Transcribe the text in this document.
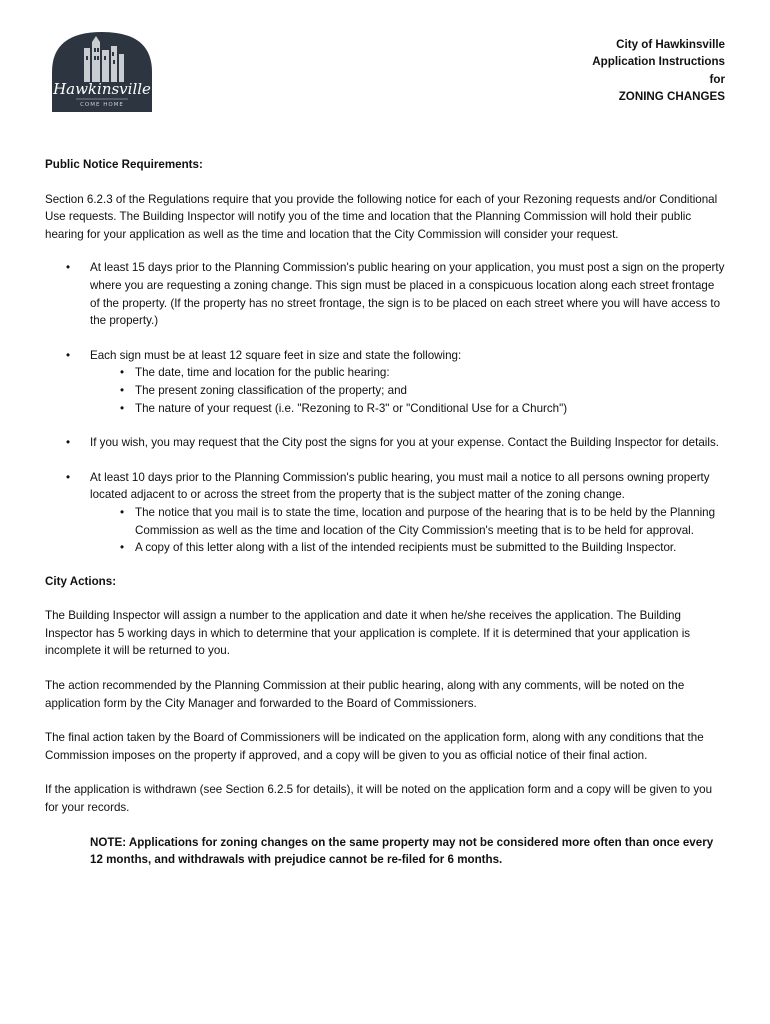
Hawkinsville
COME HOME
City of Hawkinsville
Application Instructions
for
ZONING CHANGES

Public Notice Requirements:

Section 6.2.3 of the Regulations require that you provide the following notice for each of your Rezoning requests and/or Conditional Use requests. The Building Inspector will notify you of the time and location that the Planning Commission will hold their public hearing for your application as well as the time and location that the City Commission will consider your request.

• At least 15 days prior to the Planning Commission's public hearing on your application, you must post a sign on the property where you are requesting a zoning change. This sign must be placed in a conspicuous location along each street frontage of the property. (If the property has no street frontage, the sign is to be placed on each street where you will have access to the property.)
• Each sign must be at least 12 square feet in size and state the following:
• The date, time and location for the public hearing:
• The present zoning classification of the property; and
• The nature of your request (i.e. "Rezoning to R-3" or "Conditional Use for a Church")
• If you wish, you may request that the City post the signs for you at your expense. Contact the Building Inspector for details.
• At least 10 days prior to the Planning Commission's public hearing, you must mail a notice to all persons owning property located adjacent to or across the street from the property that is the subject matter of the zoning change.
• The notice that you mail is to state the time, location and purpose of the hearing that is to be held by the Planning Commission as well as the time and location of the City Commission's meeting that is to be held for approval.
• A copy of this letter along with a list of the intended recipients must be submitted to the Building Inspector.

City Actions:

The Building Inspector will assign a number to the application and date it when he/she receives the application. The Building Inspector has 5 working days in which to determine that your application is complete. If it is determined that your application is incomplete it will be returned to you.

The action recommended by the Planning Commission at their public hearing, along with any comments, will be noted on the application form by the City Manager and forwarded to the Board of Commissioners.

The final action taken by the Board of Commissioners will be indicated on the application form, along with any conditions that the Commission imposes on the property if approved, and a copy will be given to you as official notice of their final action.

If the application is withdrawn (see Section 6.2.5 for details), it will be noted on the application form and a copy will be given to you for your records.

NOTE: Applications for zoning changes on the same property may not be considered more often than once every 12 months, and withdrawals with prejudice cannot be re-filed for 6 months.
